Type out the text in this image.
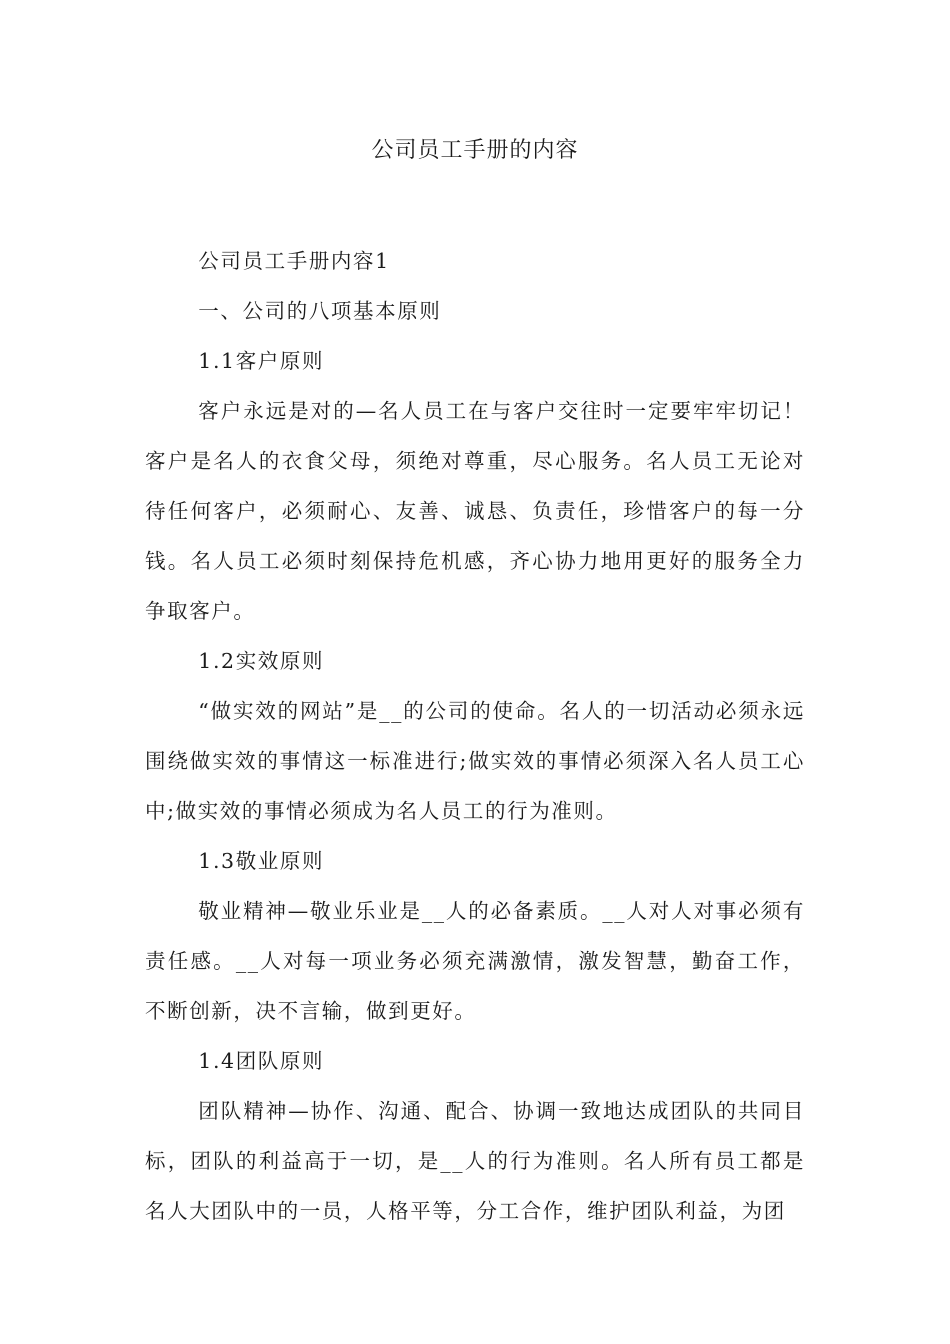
公司员工手册的内容

公司员工手册内容1

一、公司的八项基本原则

1.1客户原则

客户永远是对的—名人员工在与客户交往时一定要牢牢切记！客户是名人的衣食父母，须绝对尊重，尽心服务。名人员工无论对待任何客户，必须耐心、友善、诚恳、负责任，珍惜客户的每一分钱。名人员工必须时刻保持危机感，齐心协力地用更好的服务全力争取客户。

1.2实效原则

“做实效的网站”是__的公司的使命。名人的一切活动必须永远围绕做实效的事情这一标准进行;做实效的事情必须深入名人员工心中;做实效的事情必须成为名人员工的行为准则。

1.3敬业原则

敬业精神—敬业乐业是__人的必备素质。__人对人对事必须有责任感。__人对每一项业务必须充满激情，激发智慧，勤奋工作，不断创新，决不言输，做到更好。

1.4团队原则

团队精神—协作、沟通、配合、协调一致地达成团队的共同目标，团队的利益高于一切，是__人的行为准则。名人所有员工都是名人大团队中的一员，人格平等，分工合作，维护团队利益，为团
